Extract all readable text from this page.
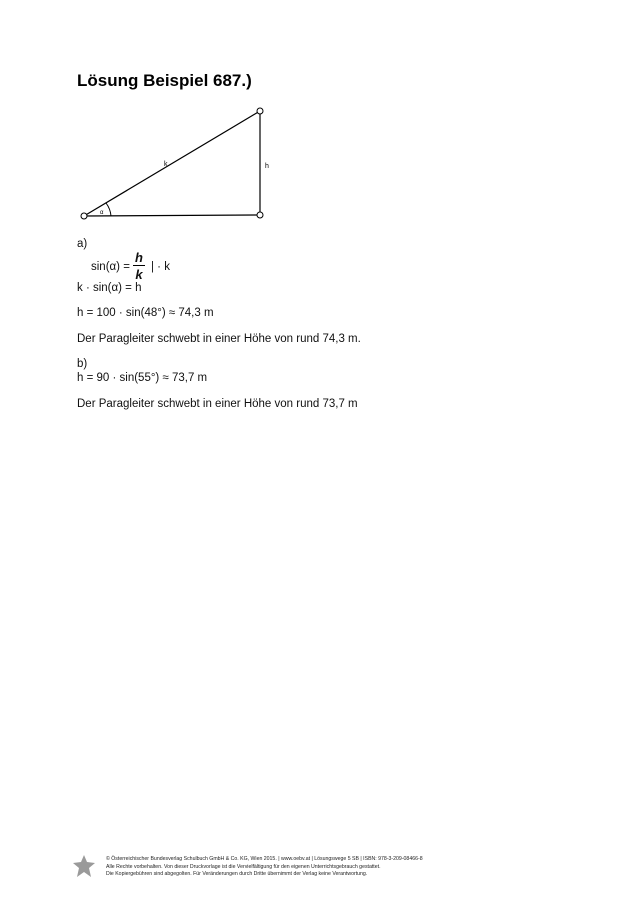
Lösung Beispiel 687.)
k	h
α
a)
sin(α) =
h
k | · k
k · sin(α) = h
h = 100 · sin(48°) ≈ 74,3 m
Der Paragleiter schwebt in einer Höhe von rund 74,3 m.
b)
h = 90 · sin(55°) ≈ 73,7 m
Der Paragleiter schwebt in einer Höhe von rund 73,7 m
© Österreichischer Bundesverlag Schulbuch GmbH & Co. KG, Wien 2015. | www.oebv.at | Lösungswege 5 SB | ISBN: 978-3-209-08466-8
Alle Rechte vorbehalten. Von dieser Druckvorlage ist die Vervielfältigung für den eigenen Unterrichtsgebrauch gestattet.
Die Kopiergebühren sind abgegolten. Für Veränderungen durch Dritte übernimmt der Verlag keine Verantwortung.
